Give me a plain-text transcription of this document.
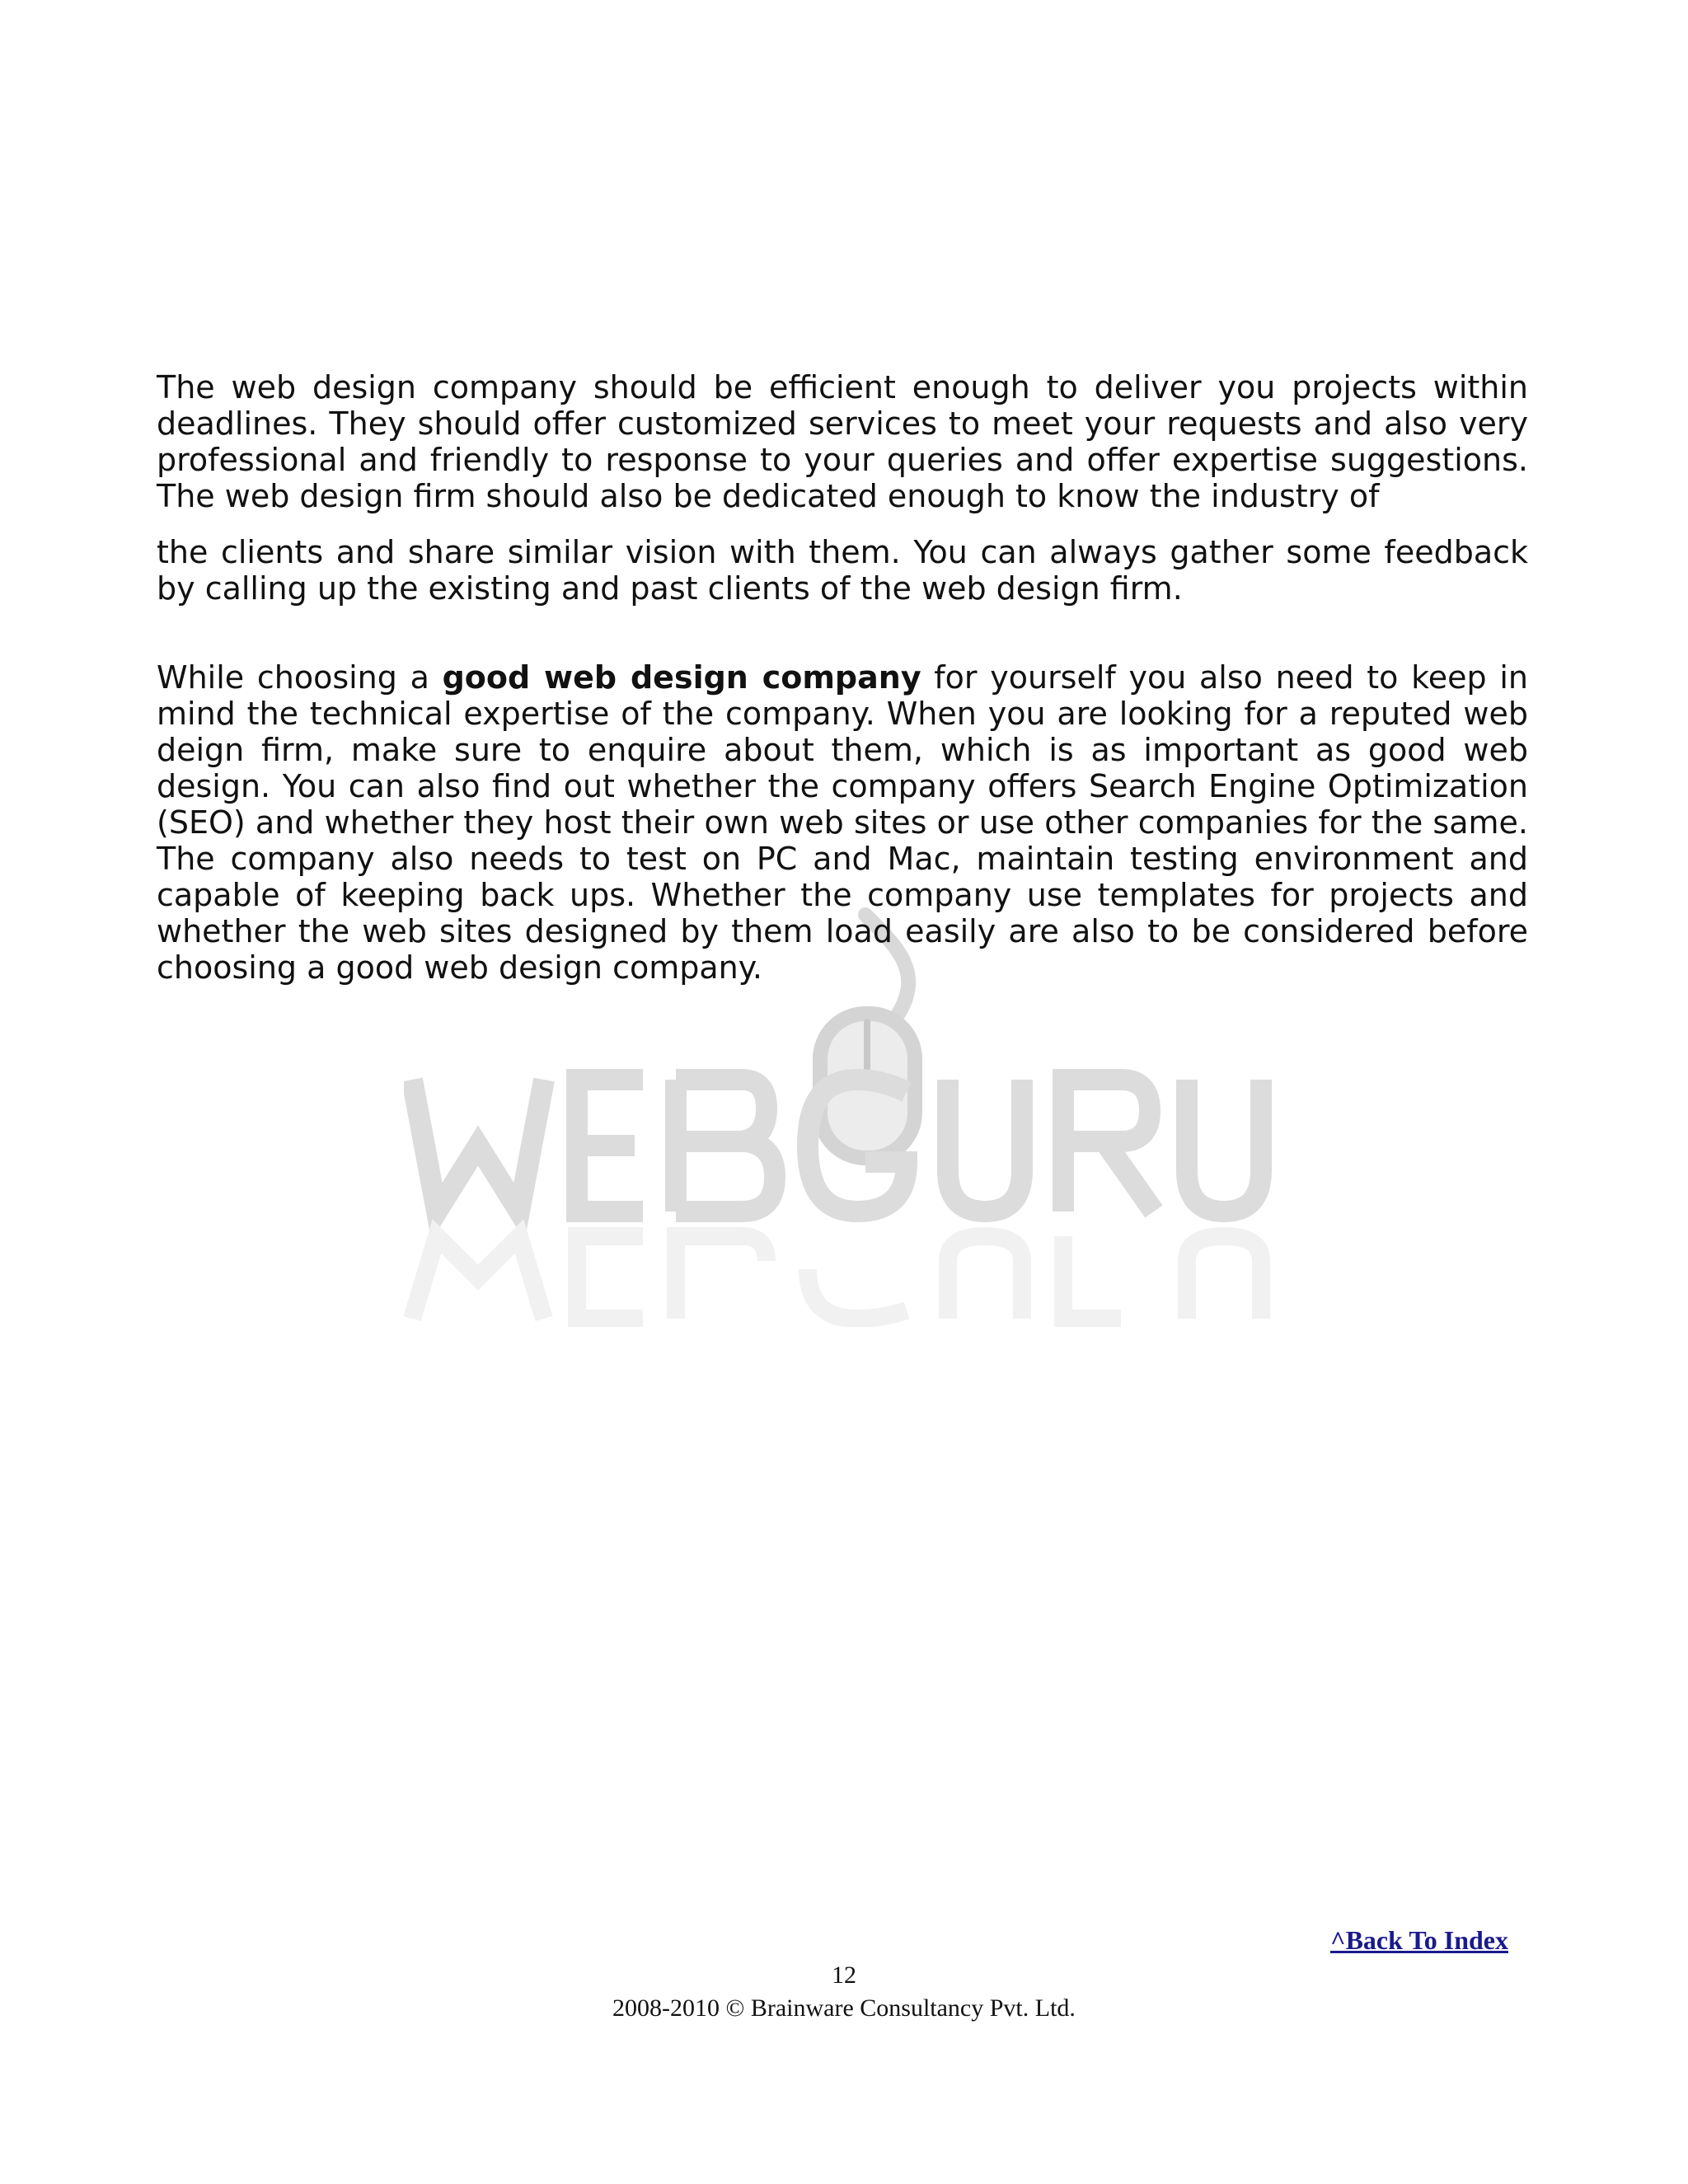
The web design company should be efficient enough to deliver you projects within deadlines. They should offer customized services to meet your requests and also very professional and friendly to response to your queries and offer expertise suggestions. The web design firm should also be dedicated enough to know the industry of

the clients and share similar vision with them. You can always gather some feedback by calling up the existing and past clients of the web design firm.

While choosing a good web design company for yourself you also need to keep in mind the technical expertise of the company. When you are looking for a reputed web deign firm, make sure to enquire about them, which is as important as good web design. You can also find out whether the company offers Search Engine Optimization (SEO) and whether they host their own web sites or use other companies for the same. The company also needs to test on PC and Mac, maintain testing environment and capable of keeping back ups. Whether the company use templates for projects and whether the web sites designed by them load easily are also to be considered before choosing a good web design company.

^Back To Index
12
2008-2010 © Brainware Consultancy Pvt. Ltd.
